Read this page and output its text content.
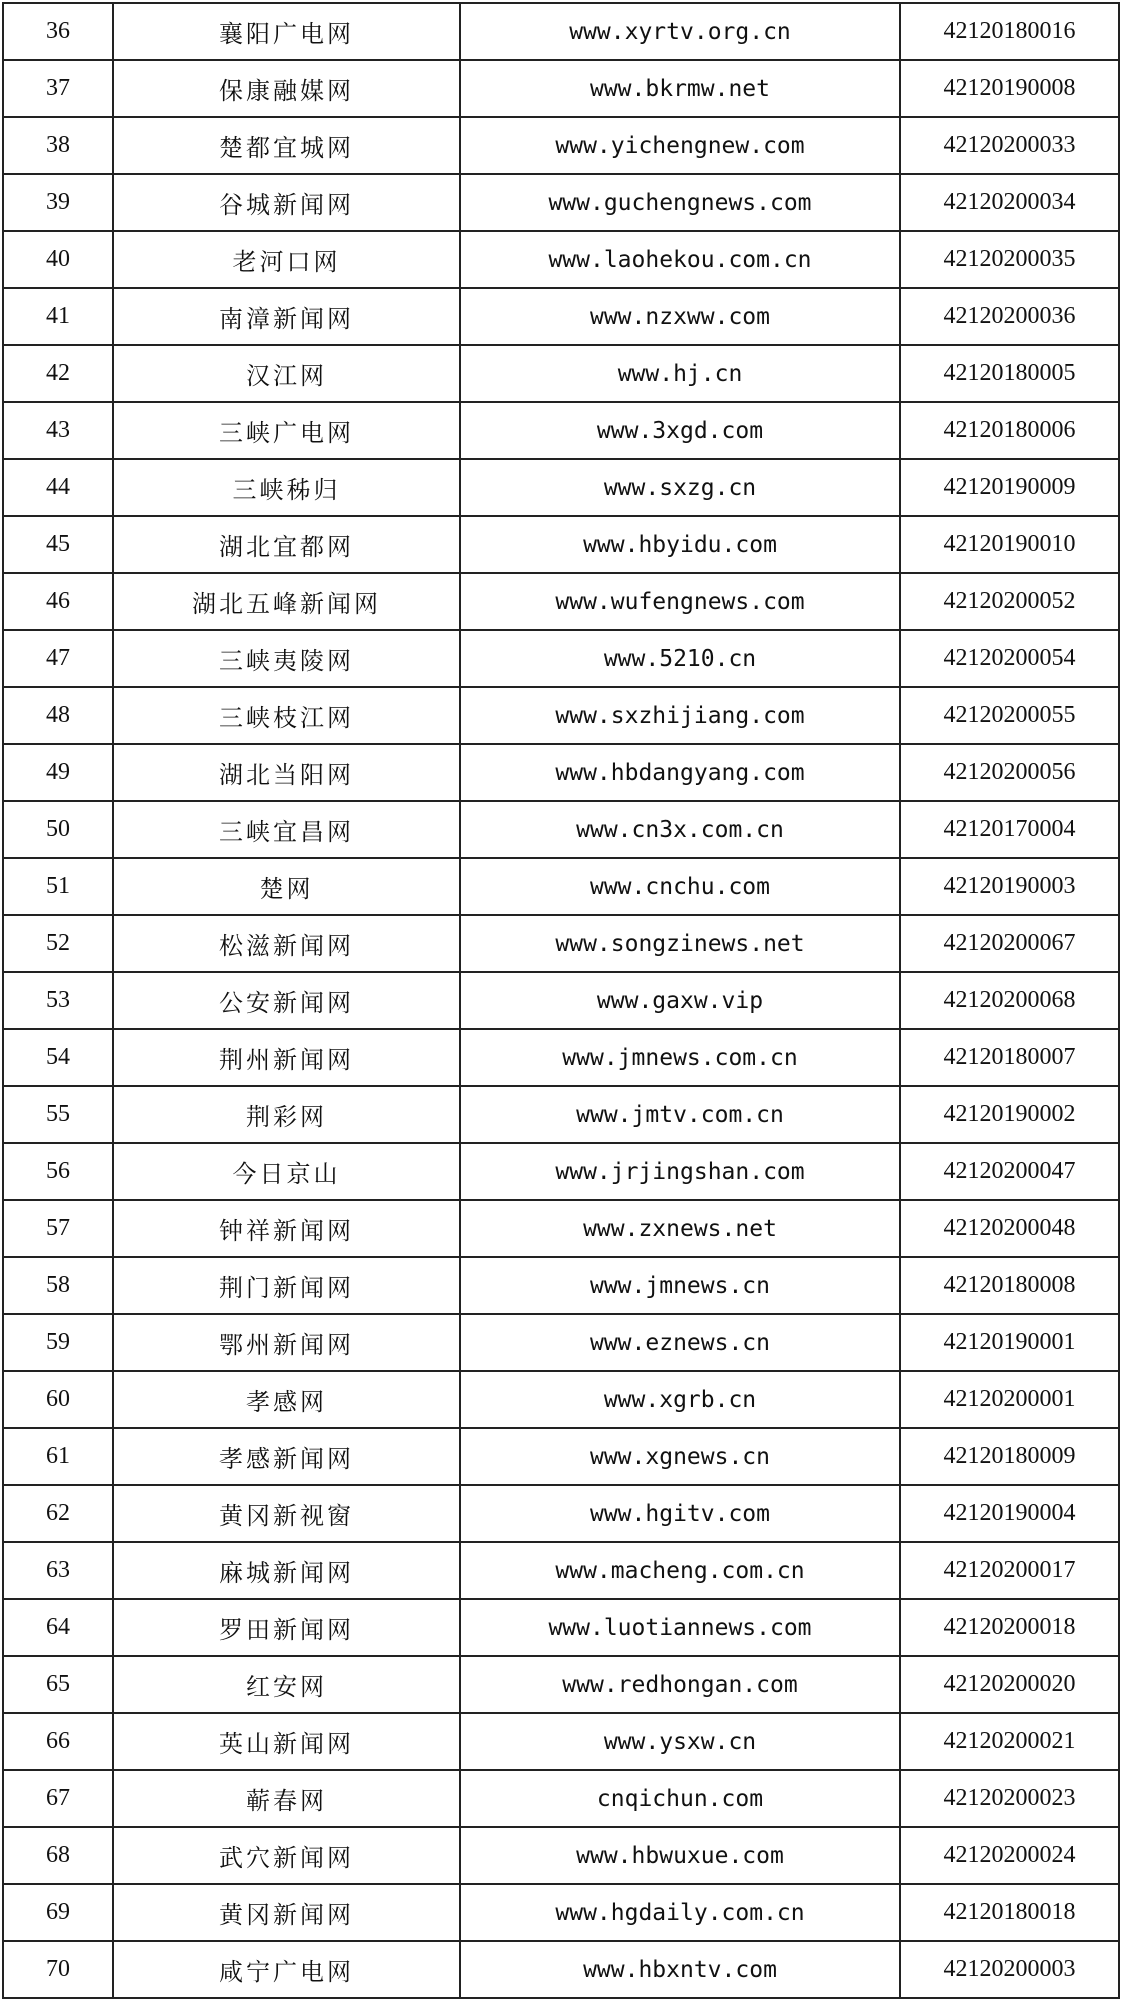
36	襄阳广电网	www.xyrtv.org.cn	42120180016
37	保康融媒网	www.bkrmw.net	42120190008
38	楚都宜城网	www.yichengnew.com	42120200033
39	谷城新闻网	www.guchengnews.com	42120200034
40	老河口网	www.laohekou.com.cn	42120200035
41	南漳新闻网	www.nzxww.com	42120200036
42	汉江网	www.hj.cn	42120180005
43	三峡广电网	www.3xgd.com	42120180006
44	三峡秭归	www.sxzg.cn	42120190009
45	湖北宜都网	www.hbyidu.com	42120190010
46	湖北五峰新闻网	www.wufengnews.com	42120200052
47	三峡夷陵网	www.5210.cn	42120200054
48	三峡枝江网	www.sxzhijiang.com	42120200055
49	湖北当阳网	www.hbdangyang.com	42120200056
50	三峡宜昌网	www.cn3x.com.cn	42120170004
51	楚网	www.cnchu.com	42120190003
52	松滋新闻网	www.songzinews.net	42120200067
53	公安新闻网	www.gaxw.vip	42120200068
54	荆州新闻网	www.jmnews.com.cn	42120180007
55	荆彩网	www.jmtv.com.cn	42120190002
56	今日京山	www.jrjingshan.com	42120200047
57	钟祥新闻网	www.zxnews.net	42120200048
58	荆门新闻网	www.jmnews.cn	42120180008
59	鄂州新闻网	www.eznews.cn	42120190001
60	孝感网	www.xgrb.cn	42120200001
61	孝感新闻网	www.xgnews.cn	42120180009
62	黄冈新视窗	www.hgitv.com	42120190004
63	麻城新闻网	www.macheng.com.cn	42120200017
64	罗田新闻网	www.luotiannews.com	42120200018
65	红安网	www.redhongan.com	42120200020
66	英山新闻网	www.ysxw.cn	42120200021
67	蕲春网	cnqichun.com	42120200023
68	武穴新闻网	www.hbwuxue.com	42120200024
69	黄冈新闻网	www.hgdaily.com.cn	42120180018
70	咸宁广电网	www.hbxntv.com	42120200003
